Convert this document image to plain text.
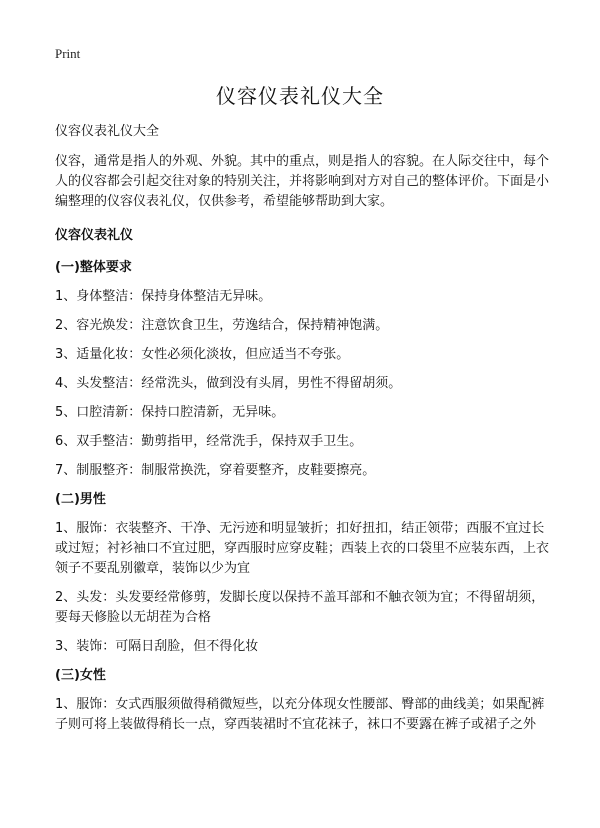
Print
仪容仪表礼仪大全

仪容仪表礼仪大全

仪容，通常是指人的外观、外貌。其中的重点，则是指人的容貌。在人际交往中，每个人的仪容都会引起交往对象的特别关注，并将影响到对方对自己的整体评价。下面是小编整理的仪容仪表礼仪，仅供参考，希望能够帮助到大家。

仪容仪表礼仪

(一)整体要求

1、身体整洁：保持身体整洁无异味。

2、容光焕发：注意饮食卫生，劳逸结合，保持精神饱满。

3、适量化妆：女性必须化淡妆，但应适当不夸张。

4、头发整洁：经常洗头，做到没有头屑，男性不得留胡须。

5、口腔清新：保持口腔清新，无异味。

6、双手整洁：勤剪指甲，经常洗手，保持双手卫生。

7、制服整齐：制服常换洗，穿着要整齐，皮鞋要擦亮。

(二)男性

1、服饰：衣装整齐、干净、无污迹和明显皱折；扣好扭扣，结正领带；西服不宜过长或过短；衬衫袖口不宜过肥，穿西服时应穿皮鞋；西装上衣的口袋里不应装东西，上衣领子不要乱别徽章，装饰以少为宜

2、头发：头发要经常修剪，发脚长度以保持不盖耳部和不触衣领为宜；不得留胡须，要每天修脸以无胡茬为合格

3、装饰：可隔日刮脸，但不得化妆

(三)女性

1、服饰：女式西服须做得稍微短些，以充分体现女性腰部、臀部的曲线美；如果配裤子则可将上装做得稍长一点，穿西装裙时不宜花袜子，袜口不要露在裤子或裙子之外
